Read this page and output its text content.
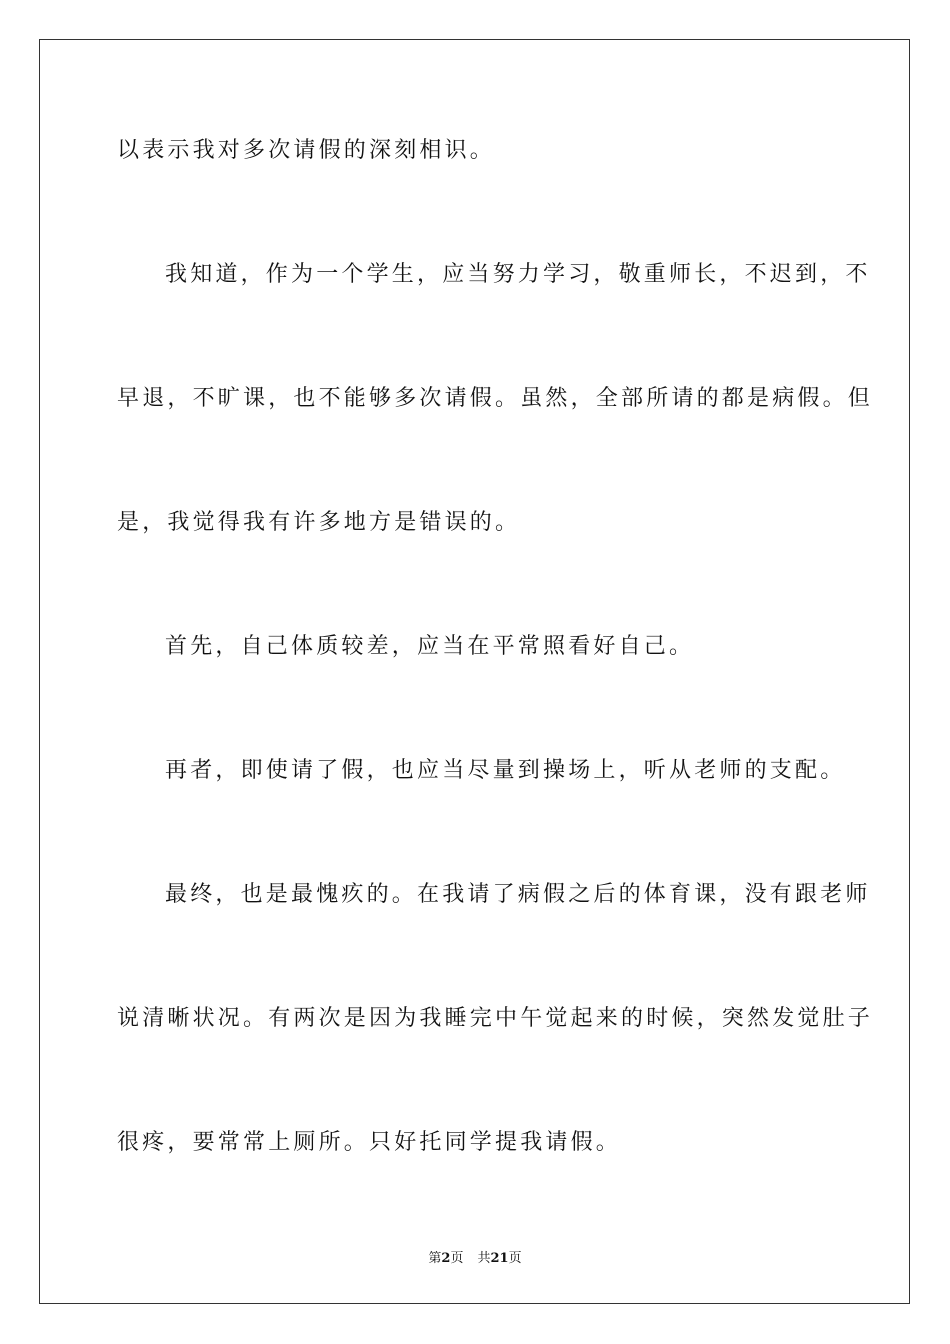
以表示我对多次请假的深刻相识。
我知道，作为一个学生，应当努力学习，敬重师长，不迟到，不
早退，不旷课，也不能够多次请假。虽然，全部所请的都是病假。但
是，我觉得我有许多地方是错误的。
首先，自己体质较差，应当在平常照看好自己。
再者，即使请了假，也应当尽量到操场上，听从老师的支配。
最终，也是最愧疚的。在我请了病假之后的体育课，没有跟老师
说清晰状况。有两次是因为我睡完中午觉起来的时候，突然发觉肚子
很疼，要常常上厕所。只好托同学提我请假。
第2页 共21页
